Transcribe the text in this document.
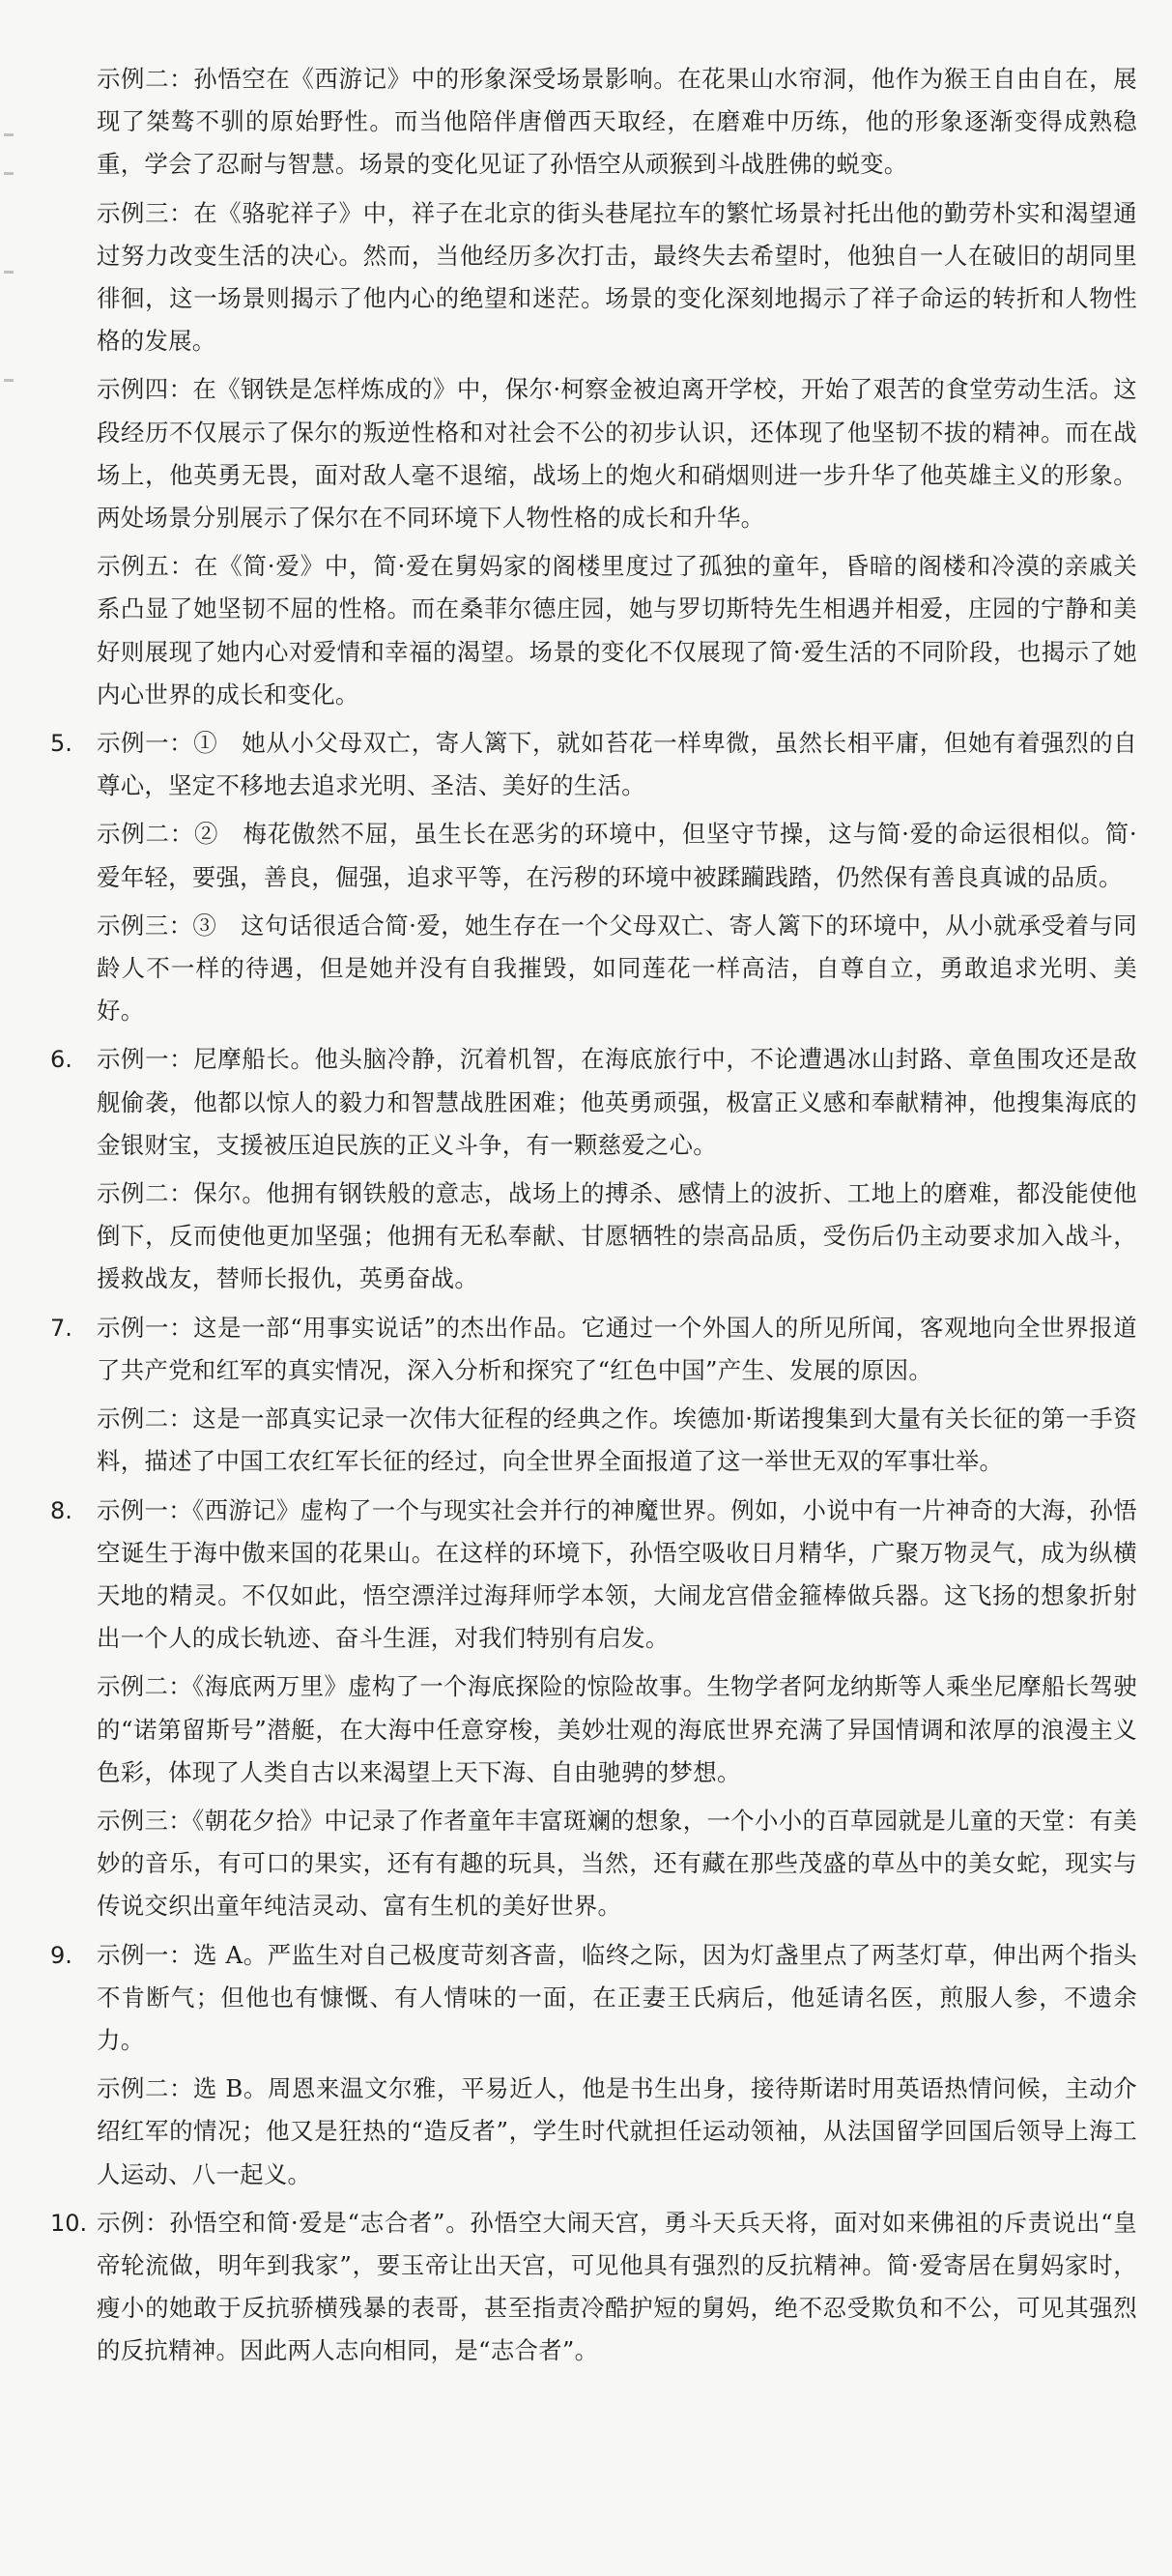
示例二：孙悟空在《西游记》中的形象深受场景影响。在花果山水帘洞，他作为猴王自由自在，展现了桀骜不驯的原始野性。而当他陪伴唐僧西天取经，在磨难中历练，他的形象逐渐变得成熟稳重，学会了忍耐与智慧。场景的变化见证了孙悟空从顽猴到斗战胜佛的蜕变。

示例三：在《骆驼祥子》中，祥子在北京的街头巷尾拉车的繁忙场景衬托出他的勤劳朴实和渴望通过努力改变生活的决心。然而，当他经历多次打击，最终失去希望时，他独自一人在破旧的胡同里徘徊，这一场景则揭示了他内心的绝望和迷茫。场景的变化深刻地揭示了祥子命运的转折和人物性格的发展。

示例四：在《钢铁是怎样炼成的》中，保尔·柯察金被迫离开学校，开始了艰苦的食堂劳动生活。这段经历不仅展示了保尔的叛逆性格和对社会不公的初步认识，还体现了他坚韧不拔的精神。而在战场上，他英勇无畏，面对敌人毫不退缩，战场上的炮火和硝烟则进一步升华了他英雄主义的形象。两处场景分别展示了保尔在不同环境下人物性格的成长和升华。

示例五：在《简·爱》中，简·爱在舅妈家的阁楼里度过了孤独的童年，昏暗的阁楼和冷漠的亲戚关系凸显了她坚韧不屈的性格。而在桑菲尔德庄园，她与罗切斯特先生相遇并相爱，庄园的宁静和美好则展现了她内心对爱情和幸福的渴望。场景的变化不仅展现了简·爱生活的不同阶段，也揭示了她内心世界的成长和变化。

5.	示例一：①　她从小父母双亡，寄人篱下，就如苔花一样卑微，虽然长相平庸，但她有着强烈的自尊心，坚定不移地去追求光明、圣洁、美好的生活。

示例二：②　梅花傲然不屈，虽生长在恶劣的环境中，但坚守节操，这与简·爱的命运很相似。简·爱年轻，要强，善良，倔强，追求平等，在污秽的环境中被蹂躏践踏，仍然保有善良真诚的品质。

示例三：③　这句话很适合简·爱，她生存在一个父母双亡、寄人篱下的环境中，从小就承受着与同龄人不一样的待遇，但是她并没有自我摧毁，如同莲花一样高洁，自尊自立，勇敢追求光明、美好。

6.	示例一：尼摩船长。他头脑冷静，沉着机智，在海底旅行中，不论遭遇冰山封路、章鱼围攻还是敌舰偷袭，他都以惊人的毅力和智慧战胜困难；他英勇顽强，极富正义感和奉献精神，他搜集海底的金银财宝，支援被压迫民族的正义斗争，有一颗慈爱之心。

示例二：保尔。他拥有钢铁般的意志，战场上的搏杀、感情上的波折、工地上的磨难，都没能使他倒下，反而使他更加坚强；他拥有无私奉献、甘愿牺牲的崇高品质，受伤后仍主动要求加入战斗，援救战友，替师长报仇，英勇奋战。

7.	示例一：这是一部“用事实说话”的杰出作品。它通过一个外国人的所见所闻，客观地向全世界报道了共产党和红军的真实情况，深入分析和探究了“红色中国”产生、发展的原因。

示例二：这是一部真实记录一次伟大征程的经典之作。埃德加·斯诺搜集到大量有关长征的第一手资料，描述了中国工农红军长征的经过，向全世界全面报道了这一举世无双的军事壮举。

8.	示例一：《西游记》虚构了一个与现实社会并行的神魔世界。例如，小说中有一片神奇的大海，孙悟空诞生于海中傲来国的花果山。在这样的环境下，孙悟空吸收日月精华，广聚万物灵气，成为纵横天地的精灵。不仅如此，悟空漂洋过海拜师学本领，大闹龙宫借金箍棒做兵器。这飞扬的想象折射出一个人的成长轨迹、奋斗生涯，对我们特别有启发。

示例二：《海底两万里》虚构了一个海底探险的惊险故事。生物学者阿龙纳斯等人乘坐尼摩船长驾驶的“诺第留斯号”潜艇，在大海中任意穿梭，美妙壮观的海底世界充满了异国情调和浓厚的浪漫主义色彩，体现了人类自古以来渴望上天下海、自由驰骋的梦想。

示例三：《朝花夕拾》中记录了作者童年丰富斑斓的想象，一个小小的百草园就是儿童的天堂：有美妙的音乐，有可口的果实，还有有趣的玩具，当然，还有藏在那些茂盛的草丛中的美女蛇，现实与传说交织出童年纯洁灵动、富有生机的美好世界。

9.	示例一：选 A。严监生对自己极度苛刻吝啬，临终之际，因为灯盏里点了两茎灯草，伸出两个指头不肯断气；但他也有慷慨、有人情味的一面，在正妻王氏病后，他延请名医，煎服人参，不遗余力。

示例二：选 B。周恩来温文尔雅，平易近人，他是书生出身，接待斯诺时用英语热情问候，主动介绍红军的情况；他又是狂热的“造反者”，学生时代就担任运动领袖，从法国留学回国后领导上海工人运动、八一起义。

10. 示例：孙悟空和简·爱是“志合者”。孙悟空大闹天宫，勇斗天兵天将，面对如来佛祖的斥责说出“皇帝轮流做，明年到我家”，要玉帝让出天宫，可见他具有强烈的反抗精神。简·爱寄居在舅妈家时，瘦小的她敢于反抗骄横残暴的表哥，甚至指责冷酷护短的舅妈，绝不忍受欺负和不公，可见其强烈的反抗精神。因此两人志向相同，是“志合者”。
